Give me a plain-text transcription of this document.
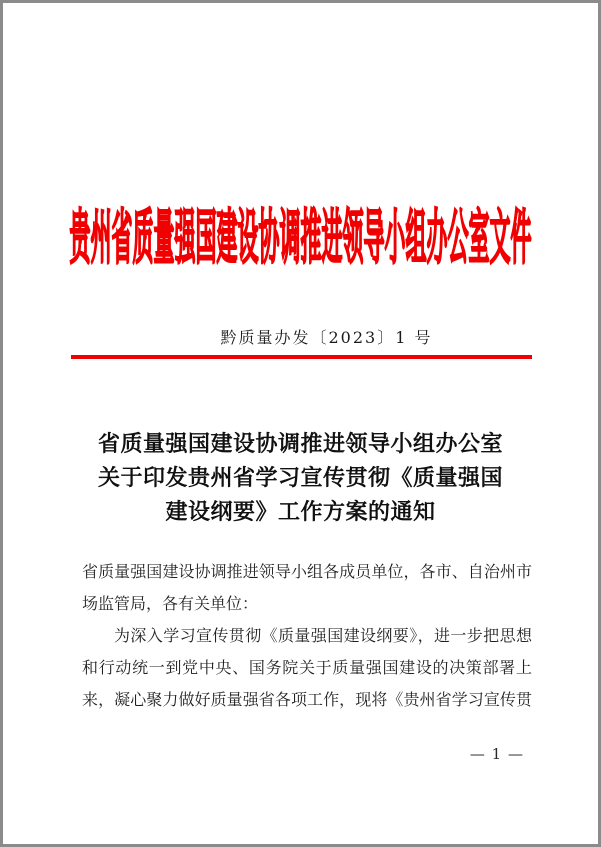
贵州省质量强国建设协调推进领导小组办公室文件
黔质量办发〔2023〕1 号
省质量强国建设协调推进领导小组办公室
关于印发贵州省学习宣传贯彻《质量强国
建设纲要》工作方案的通知
省质量强国建设协调推进领导小组各成员单位，各市、自治州市
场监管局，各有关单位：
为深入学习宣传贯彻《质量强国建设纲要》，进一步把思想
和行动统一到党中央、国务院关于质量强国建设的决策部署上
来，凝心聚力做好质量强省各项工作，现将《贵州省学习宣传贯
— 1 —
